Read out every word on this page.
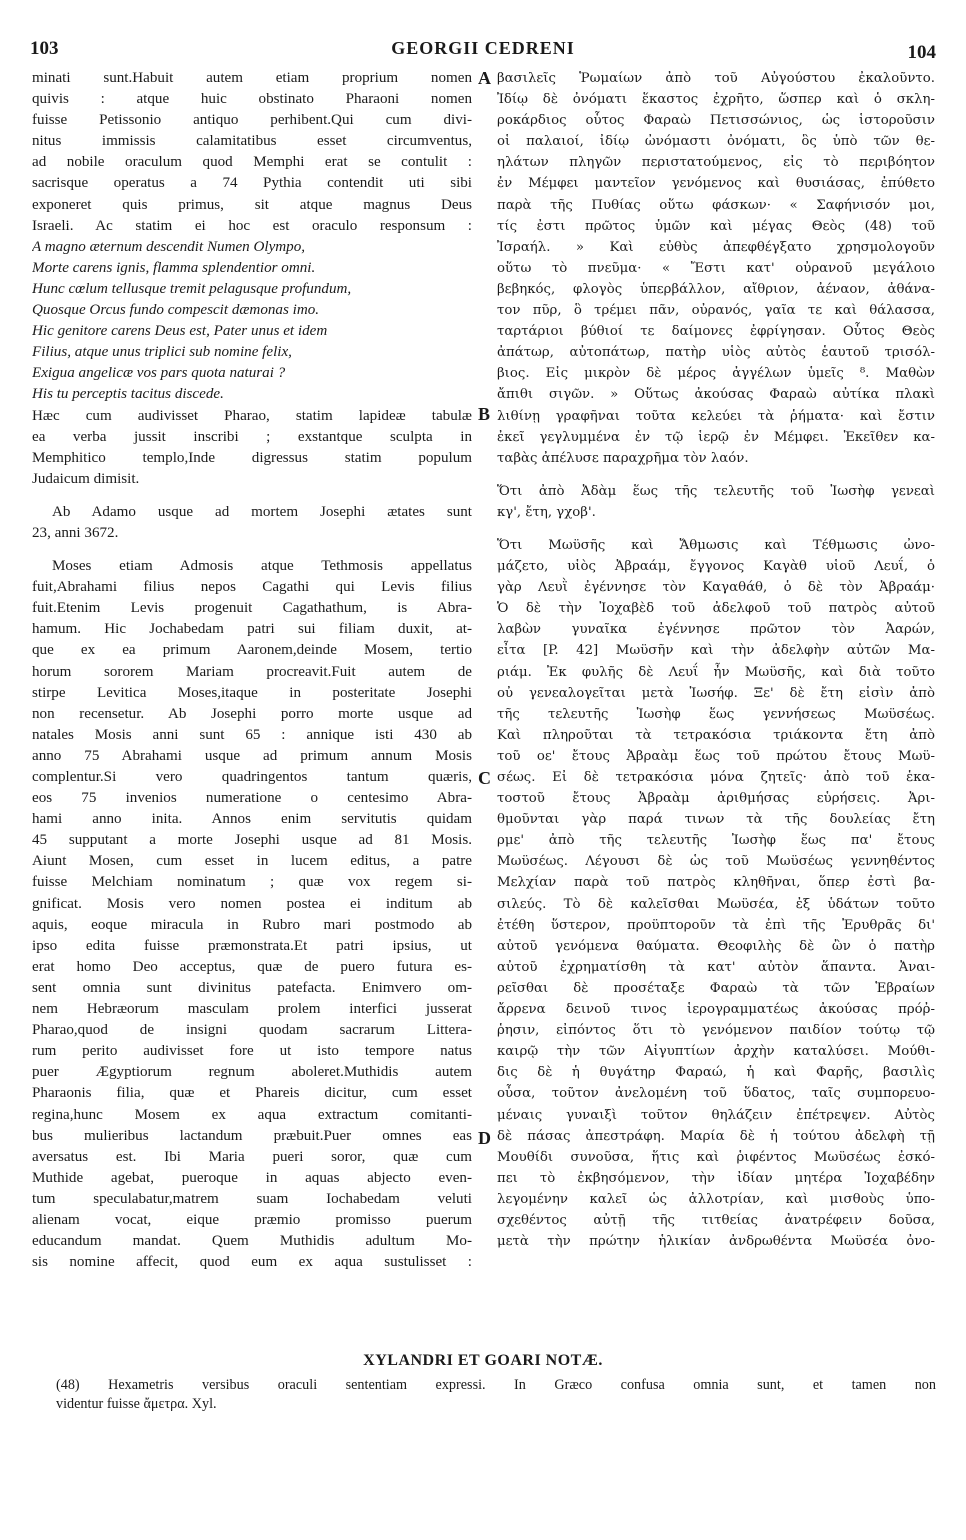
103	GEORGII CEDRENI	104
minati sunt.Habuit autem etiam proprium nomen
quivis : atque huic obstinato Pharaoni nomen
fuisse Petissonio antiquo perhibent.Qui cum divi-
nitus immissis calamitatibus esset circumventus,
ad nobile oraculum quod Memphi erat se contulit :
sacrisque operatus a 74 Pythia contendit uti sibi
exponeret quis primus, sit atque magnus Deus
Israeli. Ac statim ei hoc est oraculo responsum :
A magno æternum descendit Numen Olympo,
Morte carens ignis, flamma splendentior omni.
Hunc cœlum tellusque tremit pelagusque profundum,
Quosque Orcus fundo compescit dæmonas imo.
Hic genitore carens Deus est, Pater unus et idem
Filius, atque unus triplici sub nomine felix,
Exigua angelicæ vos pars quota naturai ?
His tu perceptis tacitus discede.
Hæc cum audivisset Pharao, statim lapideæ tabulæ
ea verba jussit inscribi ; exstantque sculpta in
Memphitico templo,Inde digressus statim populum
Judaicum dimisit.
Ab Adamo usque ad mortem Josephi ætates sunt
23, anni 3672.
Moses etiam Admosis atque Tethmosis appellatus
fuit,Abrahami filius nepos Cagathi qui Levis filius
fuit.Etenim Levis progenuit Cagathathum, is Abra-
hamum. Hic Jochabedam patri sui filiam duxit, at-
que ex ea primum Aaronem,deinde Mosem, tertio
horum sororem Mariam procreavit.Fuit autem de
stirpe Levitica Moses,itaque in posteritate Josephi
non recensetur. Ab Josephi porro morte usque ad
natales Mosis anni sunt 65 : annique isti 430 ab
anno 75 Abrahami usque ad primum annum Mosis
complentur.Si vero quadringentos tantum quæris,
eos 75 invenios numeratione o centesimo Abra-
hami anno inita. Annos enim servitutis quidam
45 supputant a morte Josephi usque ad 81 Mosis.
Aiunt Mosen, cum esset in lucem editus, a patre
fuisse Melchiam nominatum ; quæ vox regem si-
gnificat. Mosis vero nomen postea ei inditum ab
aquis, eoque miracula in Rubro mari postmodo ab
ipso edita fuisse præmonstrata.Et patri ipsius, ut
erat homo Deo acceptus, quæ de puero futura es-
sent omnia sunt divinitus patefacta. Enimvero om-
nem Hebræorum masculam prolem interfici jusserat
Pharao,quod de insigni quodam sacrarum Littera-
rum perito audivisset fore ut isto tempore natus
puer Ægyptiorum regnum aboleret.Muthidis autem
Pharaonis filia, quæ et Phareis dicitur, cum esset
regina,hunc Mosem ex aqua extractum comitanti-
bus mulieribus lactandum præbuit.Puer omnes eas
aversatus est. Ibi Maria pueri soror, quæ cum
Muthide agebat, pueroque in aquas abjecto even-
tum speculabatur,matrem suam Iochabedam veluti
alienam vocat, eique præmio promisso puerum
educandum mandat. Quem Muthidis adultum Mo-
sis nomine affecit, quod eum ex aqua sustulisset :
βασιλεῖς Ῥωμαίων ἀπὸ τοῦ Αὐγούστου ἐκαλοῦντο.
Ἰδίῳ δὲ ὀνόματι ἕκαστος ἐχρῆτο, ὥσπερ καὶ ὁ σκλη-
ροκάρδιος οὗτος Φαραὼ Πετισσώνιος, ὡς ἱστοροῦσιν
οἱ παλαιοί, ἰδίῳ ὠνόμαστι ὀνόματι, ὃς ὑπὸ τῶν θε-
ηλάτων πληγῶν περιστατούμενος, εἰς τὸ περιβόητον
ἐν Μέμφει μαντεῖον γενόμενος καὶ θυσιάσας, ἐπύθετο
παρὰ τῆς Πυθίας οὕτω φάσκων· « Σαφήνισόν μοι,
τίς ἐστι πρῶτος ὑμῶν καὶ μέγας Θεὸς (48) τοῦ
Ἰσραήλ. » Καὶ εὐθὺς ἀπεφθέγξατο χρησμολογοῦν
οὕτω τὸ πνεῦμα· « Ἔστι κατ' οὐρανοῦ μεγάλοιο
βεβηκός, φλογὸς ὑπερβάλλον, αἴθριον, ἀέναον, ἀθάνα-
τον πῦρ, ὃ τρέμει πᾶν, οὐρανός, γαῖα τε καὶ θάλασσα,
ταρτάριοι βύθιοί τε δαίμονες ἐφρίγησαν. Οὗτος Θεὸς
ἀπάτωρ, αὐτοπάτωρ, πατὴρ υἱὸς αὐτὸς ἑαυτοῦ τρισόλ-
βιος. Εἰς μικρὸν δὲ μέρος ἀγγέλων ὑμεῖς ⁸. Μαθὼν
ἄπιθι σιγῶν. » Οὕτως ἀκούσας Φαραὼ αὐτίκα πλακὶ
λιθίνῃ γραφῆναι τοῦτα κελεύει τὰ ῥήματα· καὶ ἔστιν
ἐκεῖ γεγλυμμένα ἐν τῷ ἱερῷ ἐν Μέμφει. Ἐκεῖθεν κα-
ταβὰς ἀπέλυσε παραχρῆμα τὸν λαόν.
Ὅτι ἀπὸ Ἀδὰμ ἕως τῆς τελευτῆς τοῦ Ἰωσὴφ γενεαὶ
κγ', ἔτη, γχοβ'.
Ὅτι Μωϋσῆς καὶ Ἄθμωσις καὶ Τέθμωσις ὠνο-
μάζετο, υἱὸς Ἀβραάμ, ἔγγονος Καγὰθ υἱοῦ Λευΐ, ὁ
γὰρ Λευῒ ἐγέννησε τὸν Καγαθάθ, ὁ δὲ τὸν Ἀβραάμ·
Ὁ δὲ τὴν Ἰοχαβὲδ τοῦ ἀδελφοῦ τοῦ πατρὸς αὐτοῦ
λαβὼν γυναῖκα ἐγέννησε πρῶτον τὸν Ἀαρών,
εἶτα [P. 42] Μωϋσῆν καὶ τὴν ἀδελφὴν αὐτῶν Μα-
ριάμ. Ἐκ φυλῆς δὲ Λευΐ ἦν Μωϋσῆς, καὶ διὰ τοῦτο
οὐ γενεαλογεῖται μετὰ Ἰωσήφ. Ξε' δὲ ἔτη εἰσὶν ἀπὸ
τῆς τελευτῆς Ἰωσὴφ ἕως γεννήσεως Μωϋσέως.
Καὶ πληροῦται τὰ τετρακόσια τριάκοντα ἔτη ἀπὸ
τοῦ οε' ἔτους Ἀβραὰμ ἕως τοῦ πρώτου ἔτους Μωϋ-
σέως. Εἰ δὲ τετρακόσια μόνα ζητεῖς· ἀπὸ τοῦ ἑκα-
τοστοῦ ἔτους Ἀβραὰμ ἀριθμήσας εὑρήσεις. Ἀρι-
θμοῦνται γὰρ παρά τινων τὰ τῆς δουλείας ἔτη
ρμε' ἀπὸ τῆς τελευτῆς Ἰωσὴφ ἕως πα' ἔτους
Μωϋσέως. Λέγουσι δὲ ὡς τοῦ Μωϋσέως γεννηθέντος
Μελχίαν παρὰ τοῦ πατρὸς κληθῆναι, ὅπερ ἐστὶ βα-
σιλεύς. Τὸ δὲ καλεῖσθαι Μωϋσέα, ἐξ ὑδάτων τοῦτο
ἐτέθη ὕστερον, προϋπτοροῦν τὰ ἐπὶ τῆς Ἐρυθρᾶς δι'
αὐτοῦ γενόμενα θαύματα. Θεοφιλὴς δὲ ὢν ὁ πατὴρ
αὐτοῦ ἐχρηματίσθη τὰ κατ' αὐτὸν ἅπαντα. Ἀναι-
ρεῖσθαι δὲ προσέταξε Φαραὼ τὰ τῶν Ἑβραίων
ἄρρενα δεινοῦ τινος ἱερογραμματέως ἀκούσας πρόῤ-
ῥησιν, εἰπόντος ὅτι τὸ γενόμενον παιδίον τούτῳ τῷ
καιρῷ τὴν τῶν Αἰγυπτίων ἀρχὴν καταλύσει. Μούθι-
δις δὲ ἡ θυγάτηρ Φαραώ, ἡ καὶ Φαρῆς, βασιλὶς
οὖσα, τοῦτον ἀνελομένη τοῦ ὕδατος, ταῖς συμπορευο-
μέναις γυναιξὶ τοῦτον θηλάζειν ἐπέτρεψεν. Αὐτὸς
δὲ πάσας ἀπεστράφη. Μαρία δὲ ἡ τούτου ἀδελφὴ τῇ
Μουθίδι συνοῦσα, ἥτις καὶ ῥιφέντος Μωϋσέως ἐσκό-
πει τὸ ἐκβησόμενον, τὴν ἰδίαν μητέρα Ἰοχαβέδην
λεγομένην καλεῖ ὡς ἀλλοτρίαν, καὶ μισθοὺς ὑπο-
σχεθέντος αὐτῇ τῆς τιτθείας ἀνατρέφειν δοῦσα,
μετὰ τὴν πρώτην ἡλικίαν ἀνδρωθέντα Μωϋσέα ὀνο-
A
B
C
D
XYLANDRI ET GOARI NOTÆ.
(48) Hexametris versibus oraculi sententiam expressi. In Græco confusa omnia sunt, et tamen non
videntur fuisse ἄμετρα. Xyl.
